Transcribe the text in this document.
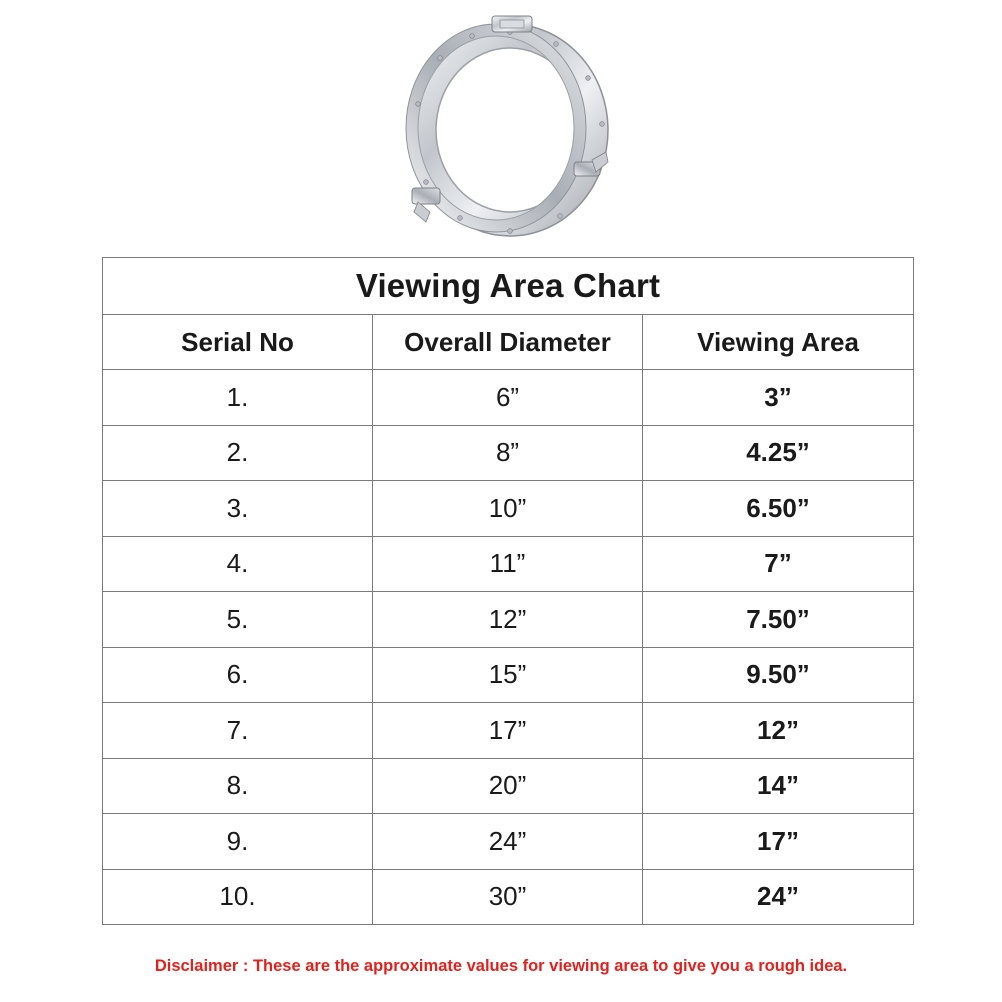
Viewing Area Chart		
Serial No	Overall Diameter	Viewing Area
1.	6”	3”
2.	8”	4.25”
3.	10”	6.50”
4.	11”	7”
5.	12”	7.50”
6.	15”	9.50”
7.	17”	12”
8.	20”	14”
9.	24”	17”
10.	30”	24”
Disclaimer : These are the approximate values for viewing area to give you a rough idea.
